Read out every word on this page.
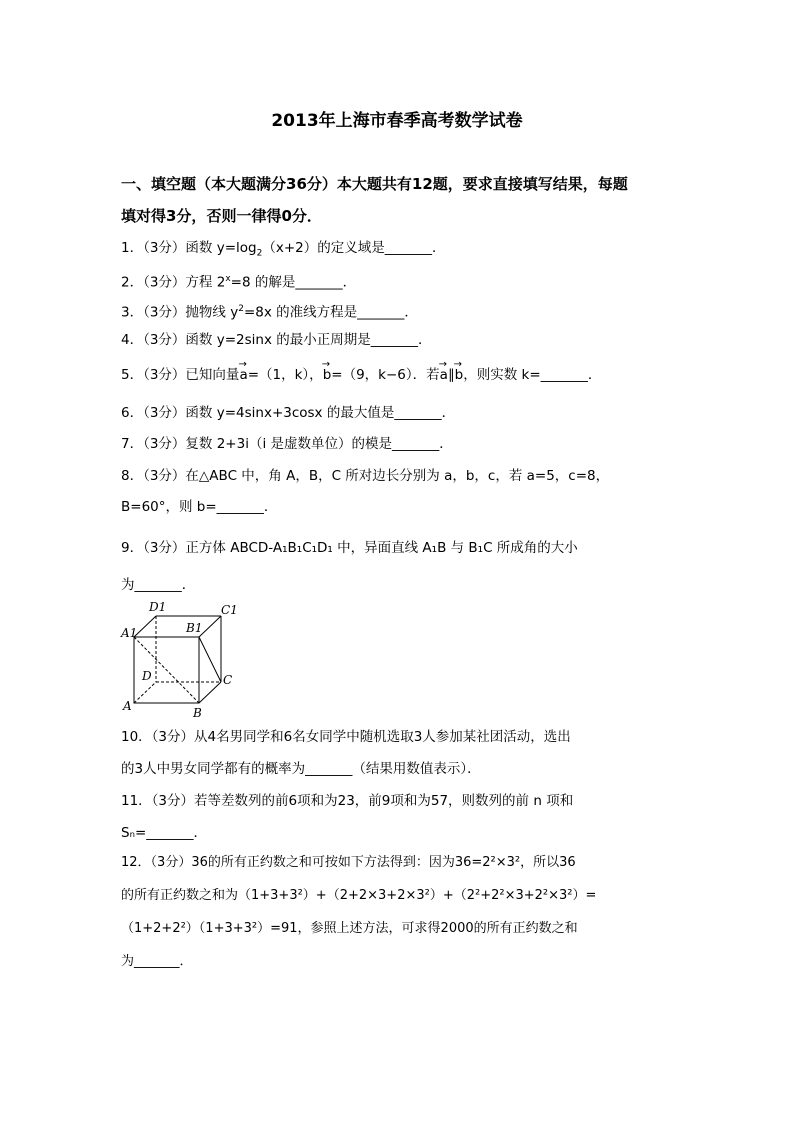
2013年上海市春季高考数学试卷
一、填空题（本大题满分36分）本大题共有12题，要求直接填写结果，每题
填对得3分，否则一律得0分．
1．（3分）函数 $y=\log_2(x+2)$的定义域是_______．
2．（3分）方程 $2^x=8$ 的解是_______．
3．（3分）抛物线 $y^2=8x$ 的准线方程是_______．
4．（3分）函数 y=2sinx 的最小正周期是_______．
5．（3分）已知向量→ a=（1，k），→ b=（9，k−6）．若→ a∥→ b，则实数 k=_______．
6．（3分）函数 y=4sinx+3cosx 的最大值是_______．
7．（3分）复数 2+3i（i 是虚数单位）的模是_______．
8．（3分）在△ABC 中，角 A，B，C 所对边长分别为 a，b，c，若 a=5，c=8，
B=60°，则 b=_______．
9．（3分）正方体 ABCD-A₁B₁C₁D₁ 中，异面直线 A₁B 与 B₁C 所成角的大小
为_______．
D1	C1
A1	B1
D	C
A	B
10．（3分）从4名男同学和6名女同学中随机选取3人参加某社团活动，选出
的3人中男女同学都有的概率为_______（结果用数值表示）．
11．（3分）若等差数列的前6项和为23，前9项和为57，则数列的前 n 项和
Sₙ=_______．
12．（3分）36的所有正约数之和可按如下方法得到：因为36=2²×3²，所以36
的所有正约数之和为（1+3+3²）+（2+2×3+2×3²）+（2²+2²×3+2²×3²）=
（1+2+2²）（1+3+3²）=91，参照上述方法，可求得2000的所有正约数之和
为_______．
